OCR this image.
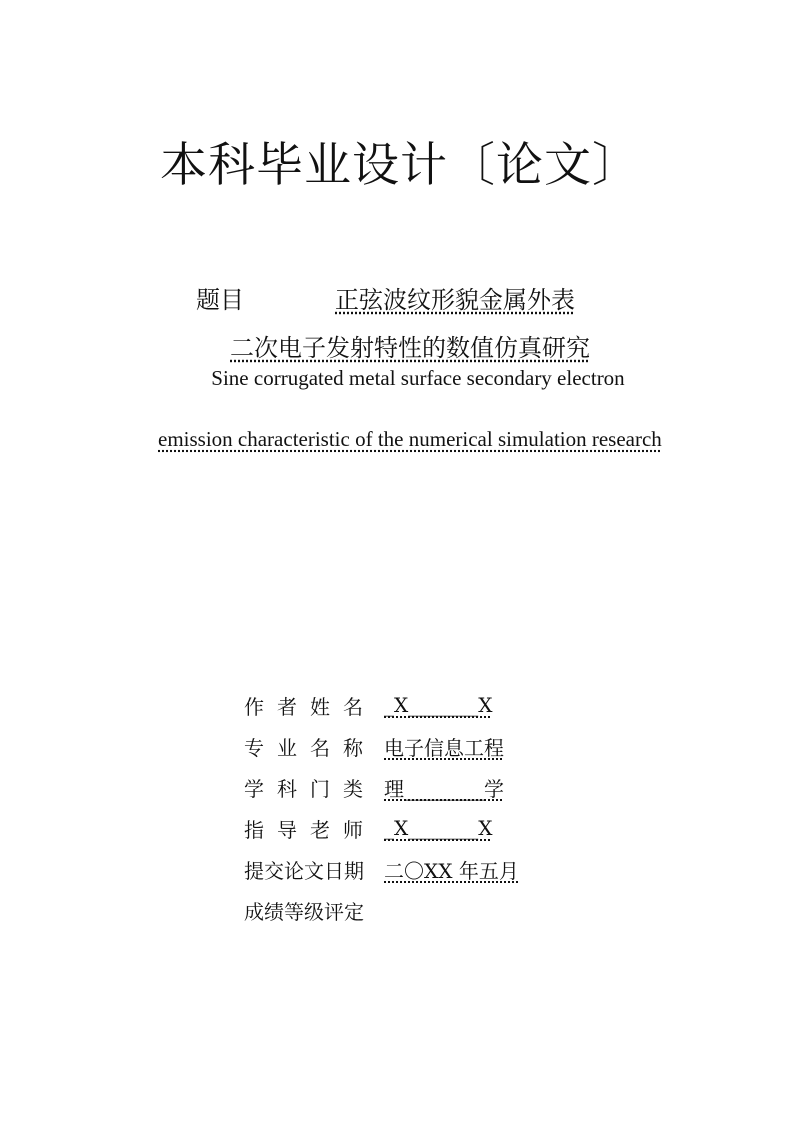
本科毕业设计〔论文〕
题目	正弦波纹形貌金属外表
二次电子发射特性的数值仿真研究
Sine corrugated metal surface secondary electron
emission characteristic of the numerical simulation research
作者姓名 _X_______X
专业名称 电子信息工程
学科门类 理________学
指导老师 _X_______X
提交论文日期	二〇XX 年五月
成绩等级评定
